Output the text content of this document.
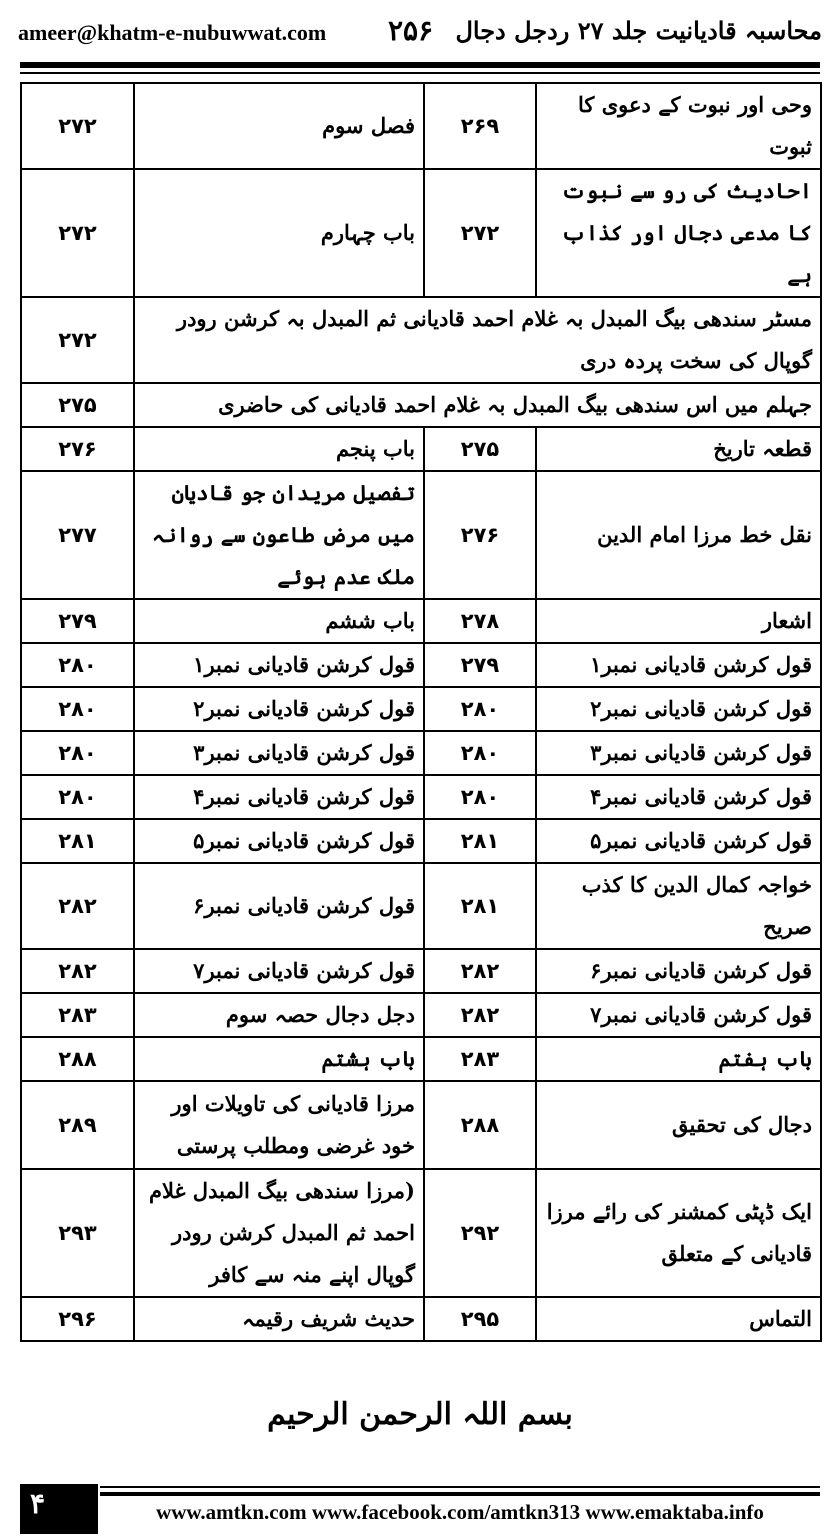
ameer@khatm-e-nubuwwat.com ۲۵۶ محاسبہ قادیانیت جلد ۲۷ ردجل دجال
وحی اور نبوت کے دعوی کا ثبوت	۲۶۹	فصل سوم	۲۷۲
احادیث کی رو سے نبوت کا مدعی دجال اور کذاب ہے	۲۷۲	باب چہارم	۲۷۲
مسٹر سندھی بیگ المبدل بہ غلام احمد قادیانی ثم المبدل بہ کرشن رودر گوپال کی سخت پردہ دری			۲۷۲
جہلم میں اس سندھی بیگ المبدل بہ غلام احمد قادیانی کی حاضری			۲۷۵
قطعہ تاریخ	۲۷۵	باب پنجم	۲۷۶
نقل خط مرزا امام الدین	۲۷۶	تفصیل مریدان جو قادیان میں مرض طاعون سے روانہ ملک عدم ہوئے	۲۷۷
اشعار	۲۷۸	باب ششم	۲۷۹
قول کرشن قادیانی نمبر۱	۲۷۹	قول کرشن قادیانی نمبر۱	۲۸۰
قول کرشن قادیانی نمبر۲	۲۸۰	قول کرشن قادیانی نمبر۲	۲۸۰
قول کرشن قادیانی نمبر۳	۲۸۰	قول کرشن قادیانی نمبر۳	۲۸۰
قول کرشن قادیانی نمبر۴	۲۸۰	قول کرشن قادیانی نمبر۴	۲۸۰
قول کرشن قادیانی نمبر۵	۲۸۱	قول کرشن قادیانی نمبر۵	۲۸۱
خواجہ کمال الدین کا کذب صریح	۲۸۱	قول کرشن قادیانی نمبر۶	۲۸۲
قول کرشن قادیانی نمبر۶	۲۸۲	قول کرشن قادیانی نمبر۷	۲۸۲
قول کرشن قادیانی نمبر۷	۲۸۲	دجل دجال حصہ سوم	۲۸۳
باب ہفتم	۲۸۳	باب ہشتم	۲۸۸
دجال کی تحقیق	۲۸۸	مرزا قادیانی کی تاویلات اور خود غرضی ومطلب پرستی	۲۸۹
ایک ڈپٹی کمشنر کی رائے مرزا قادیانی کے متعلق	۲۹۲	(مرزا سندھی بیگ المبدل غلام احمد ثم المبدل کرشن رودر گوپال اپنے منہ سے کافر	۲۹۳
التماس	۲۹۵	حدیث شریف رقیمہ	۲۹۶
بسم اللہ الرحمن الرحیم
۴	www.amtkn.com www.facebook.com/amtkn313 www.emaktaba.info
